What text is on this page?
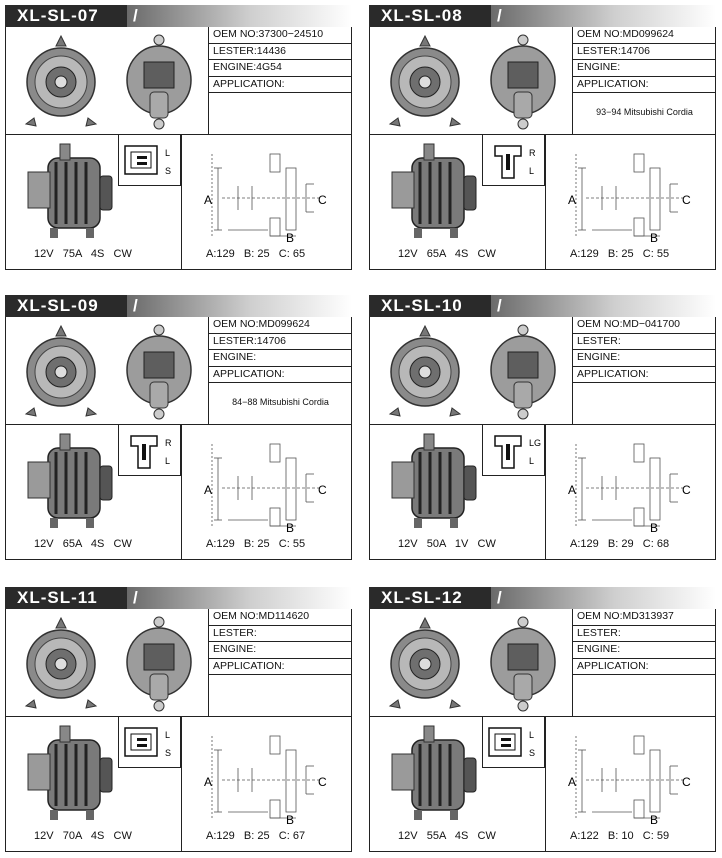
XL-SL-07	/
OEM NO:37300−24510
LESTER:14436
ENGINE:4G54
APPLICATION:
L
S
A	C
B
12V   75A   4S   CW	A:129   B: 25   C: 65
XL-SL-08	/
OEM NO:MD099624
LESTER:14706
ENGINE:
APPLICATION:
93−94 Mitsubishi Cordia
R
L
A	C
B
12V   65A   4S   CW	A:129   B: 25   C: 55
XL-SL-09	/
OEM NO:MD099624
LESTER:14706
ENGINE:
APPLICATION:
84−88 Mitsubishi Cordia
R
L
A	C
B
12V   65A   4S   CW	A:129   B: 25   C: 55
XL-SL-10	/
OEM NO:MD−041700
LESTER:
ENGINE:
APPLICATION:
LG
L
A	C
B
12V   50A   1V   CW	A:129   B: 29   C: 68
XL-SL-11	/
OEM NO:MD114620
LESTER:
ENGINE:
APPLICATION:
L
S
A	C
B
12V   70A   4S   CW	A:129   B: 25   C: 67
XL-SL-12	/
OEM NO:MD313937
LESTER:
ENGINE:
APPLICATION:
L
S
A	C
B
12V   55A   4S   CW	A:122   B: 10   C: 59
